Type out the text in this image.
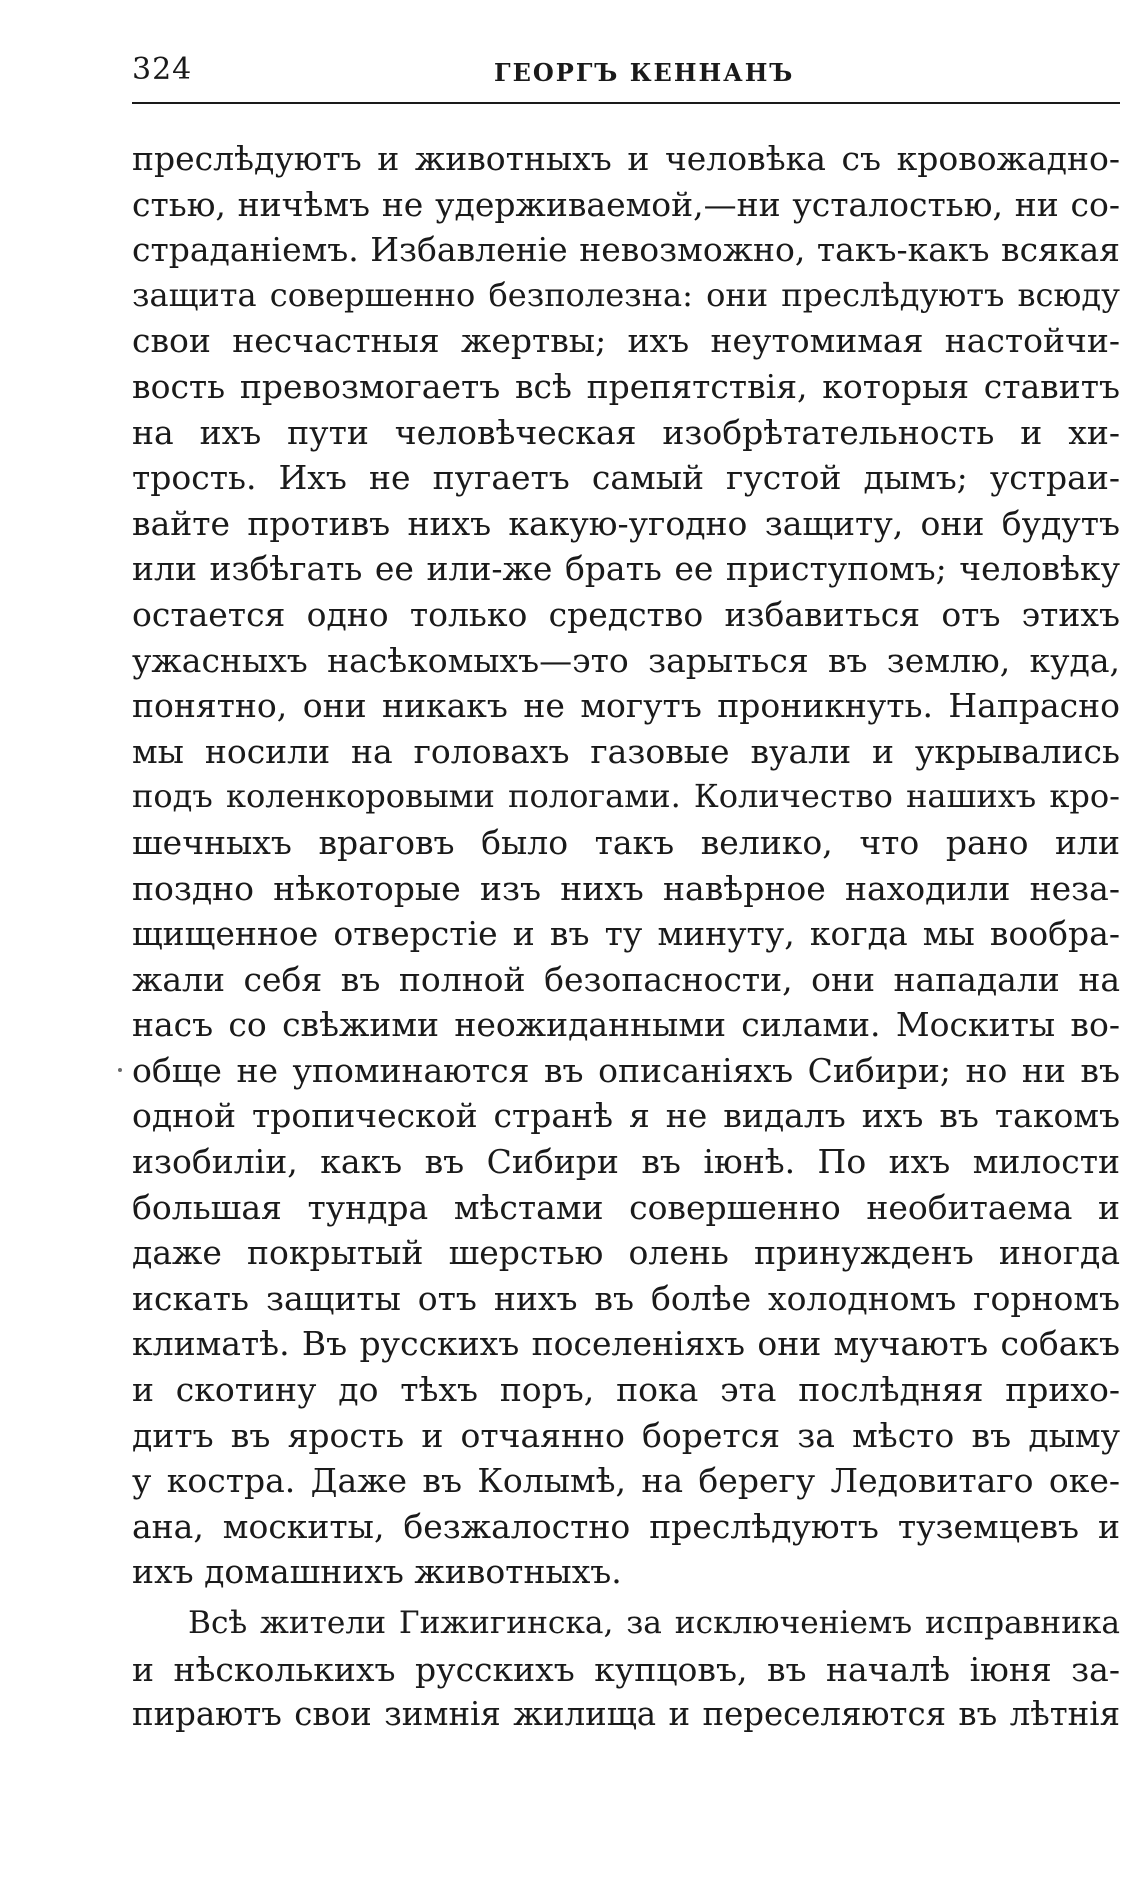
324	ГЕОРГЪ КЕННАНЪ
преслѣдуютъ и животныхъ и человѣка съ кровожадно-
стью, ничѣмъ не удерживаемой,—ни усталостью, ни со-
страданіемъ. Избавленіе невозможно, такъ-какъ всякая
защита совершенно безполезна: они преслѣдуютъ всюду
свои несчастныя жертвы; ихъ неутомимая настойчи-
вость превозмогаетъ всѣ препятствія, которыя ставитъ
на ихъ пути человѣческая изобрѣтательность и хи-
трость. Ихъ не пугаетъ самый густой дымъ; устраи-
вайте противъ нихъ какую-угодно защиту, они будутъ
или избѣгать ее или-же брать ее приступомъ; человѣку
остается одно только средство избавиться отъ этихъ
ужасныхъ насѣкомыхъ—это зарыться въ землю, куда,
понятно, они никакъ не могутъ проникнуть. Напрасно
мы носили на головахъ газовые вуали и укрывались
подъ коленкоровыми пологами. Количество нашихъ кро-
шечныхъ враговъ было такъ велико, что рано или
поздно нѣкоторые изъ нихъ навѣрное находили неза-
щищенное отверстіе и въ ту минуту, когда мы вообра-
жали себя въ полной безопасности, они нападали на
насъ со свѣжими неожиданными силами. Москиты во-
обще не упоминаются въ описаніяхъ Сибири; но ни въ
одной тропической странѣ я не видалъ ихъ въ такомъ
изобиліи, какъ въ Сибири въ іюнѣ. По ихъ милости
большая тундра мѣстами совершенно необитаема и
даже покрытый шерстью олень принужденъ иногда
искать защиты отъ нихъ въ болѣе холодномъ горномъ
климатѣ. Въ русскихъ поселеніяхъ они мучаютъ собакъ
и скотину до тѣхъ поръ, пока эта послѣдняя прихо-
дитъ въ ярость и отчаянно борется за мѣсто въ дыму
у костра. Даже въ Колымѣ, на берегу Ледовитаго оке-
ана, москиты, безжалостно преслѣдуютъ туземцевъ и
ихъ домашнихъ животныхъ.
Всѣ жители Гижигинска, за исключеніемъ исправника
и нѣсколькихъ русскихъ купцовъ, въ началѣ іюня за-
пираютъ свои зимнія жилища и переселяются въ лѣтнія
